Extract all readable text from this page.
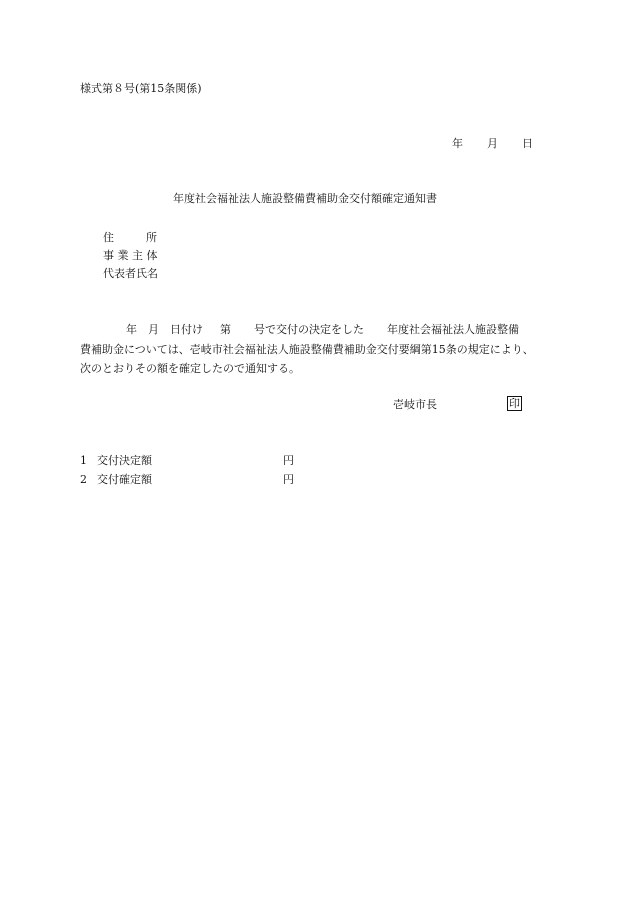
様式第８号(第15条関係)
年 月 日
年度社会福祉法人施設整備費補助金交付額確定通知書
住	所
事 業 主 体
代表者氏名
年 月 日付け 第 号で交付の決定をした 年度社会福祉法人施設整備
費補助金については、壱岐市社会福祉法人施設整備費補助金交付要綱第15条の規定により、
次のとおりその額を確定したので通知する。
壱岐市長	印
1 交付決定額	円
2 交付確定額	円
